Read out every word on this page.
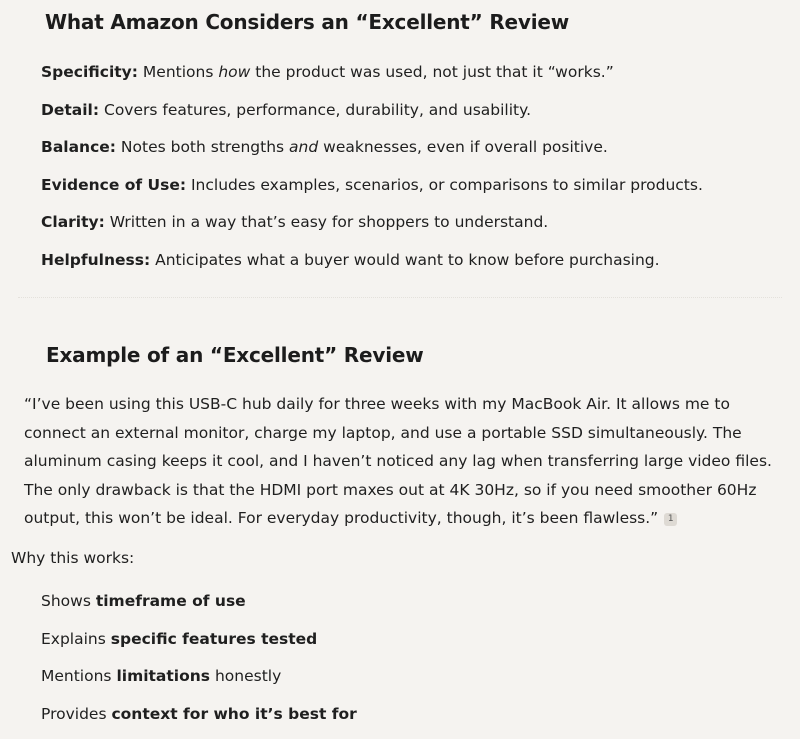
What Amazon Considers an “Excellent” Review
Specificity: Mentions how the product was used, not just that it “works.”
Detail: Covers features, performance, durability, and usability.
Balance: Notes both strengths and weaknesses, even if overall positive.
Evidence of Use: Includes examples, scenarios, or comparisons to similar products.
Clarity: Written in a way that’s easy for shoppers to understand.
Helpfulness: Anticipates what a buyer would want to know before purchasing.
Example of an “Excellent” Review

“I’ve been using this USB-C hub daily for three weeks with my MacBook Air. It allows me to
connect an external monitor, charge my laptop, and use a portable SSD simultaneously. The
aluminum casing keeps it cool, and I haven’t noticed any lag when transferring large video files.
The only drawback is that the HDMI port maxes out at 4K 30Hz, so if you need smoother 60Hz
output, this won’t be ideal. For everyday productivity, though, it’s been flawless.” 1

Why this works:

Shows timeframe of use
Explains specific features tested
Mentions limitations honestly
Provides context for who it’s best for
